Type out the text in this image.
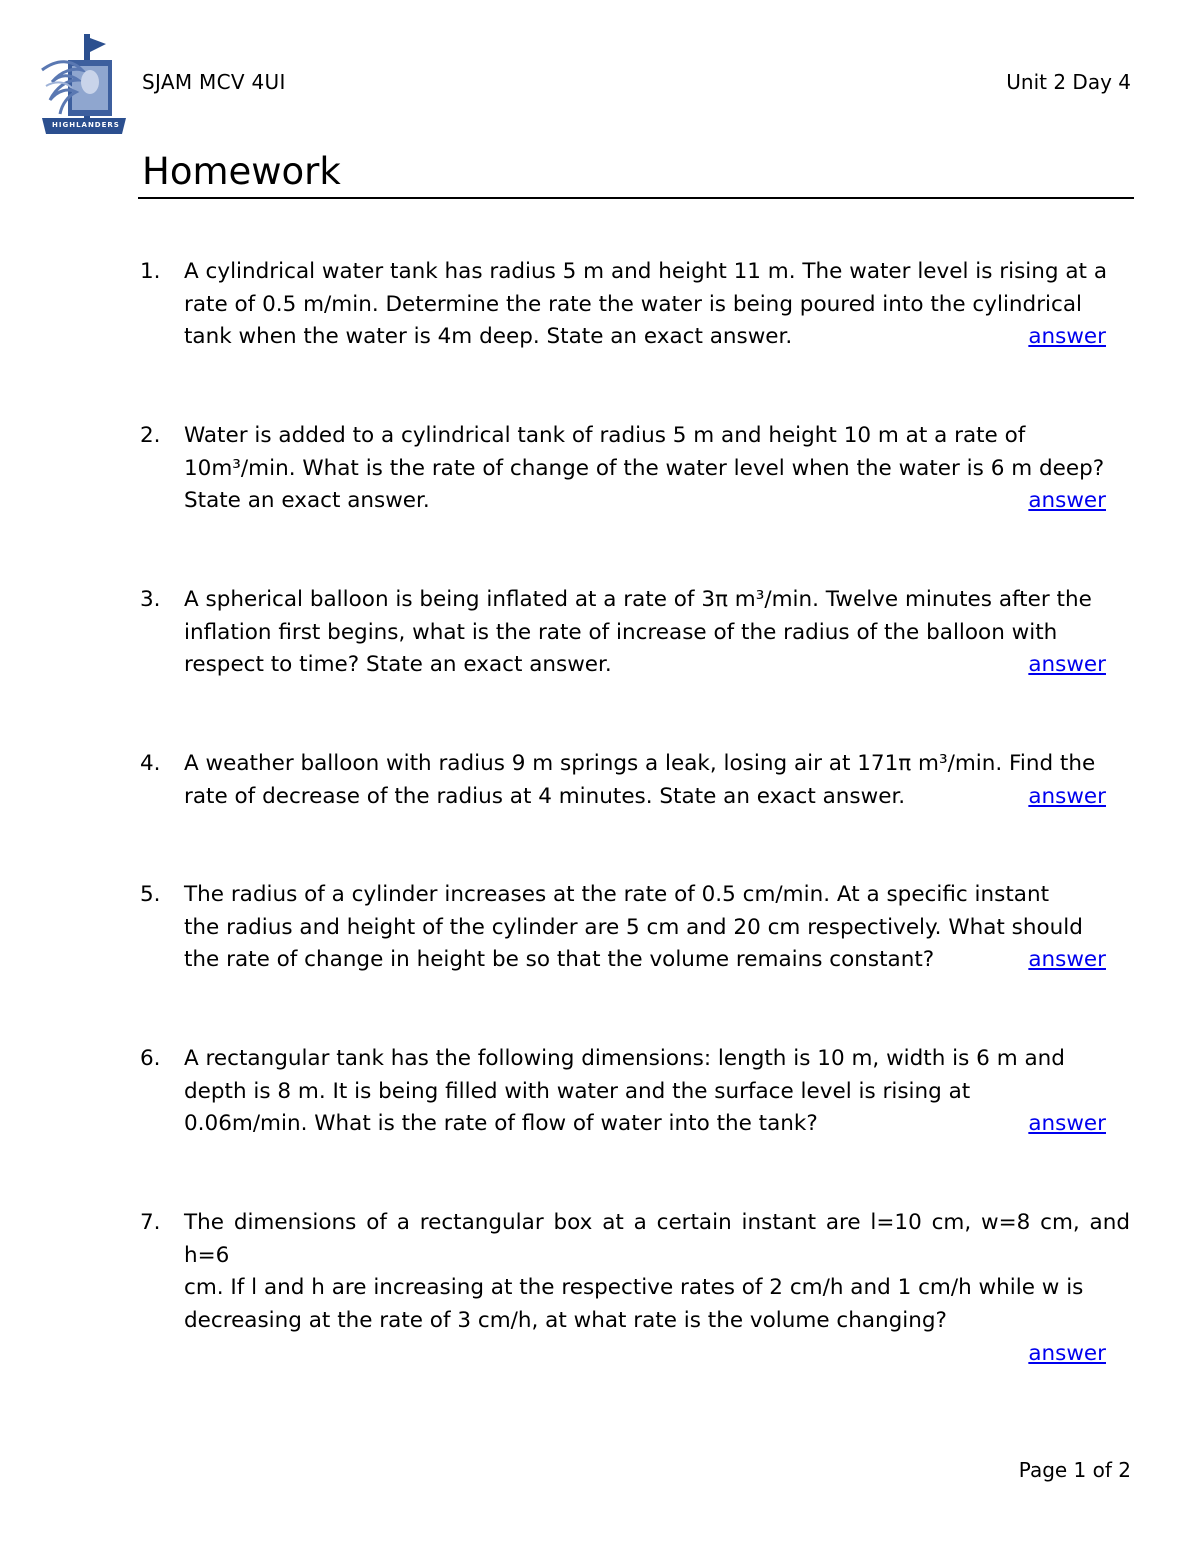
HIGHLANDERS
SJAM MCV 4UI	Unit 2 Day 4
Homework
1.	A cylindrical water tank has radius 5 m and height 11 m. The water level is rising at a
rate of 0.5 m/min. Determine the rate the water is being poured into the cylindrical
tank when the water is 4m deep. State an exact answer.	answer
2.	Water is added to a cylindrical tank of radius 5 m and height 10 m at a rate of
10m³/min. What is the rate of change of the water level when the water is 6 m deep?
State an exact answer.	answer
3.	A spherical balloon is being inflated at a rate of 3π m³/min. Twelve minutes after the
inflation first begins, what is the rate of increase of the radius of the balloon with
respect to time? State an exact answer.	answer
4.	A weather balloon with radius 9 m springs a leak, losing air at 171π m³/min. Find the
rate of decrease of the radius at 4 minutes. State an exact answer.	answer
5.	The radius of a cylinder increases at the rate of 0.5 cm/min. At a specific instant
the radius and height of the cylinder are 5 cm and 20 cm respectively. What should
the rate of change in height be so that the volume remains constant?	answer
6.	A rectangular tank has the following dimensions: length is 10 m, width is 6 m and
depth is 8 m. It is being filled with water and the surface level is rising at
0.06m/min. What is the rate of flow of water into the tank?	answer
7.	The dimensions of a rectangular box at a certain instant are l=10 cm, w=8 cm, and h=6
cm. If l and h are increasing at the respective rates of 2 cm/h and 1 cm/h while w is
decreasing at the rate of 3 cm/h, at what rate is the volume changing?
answer
Page 1 of 2
